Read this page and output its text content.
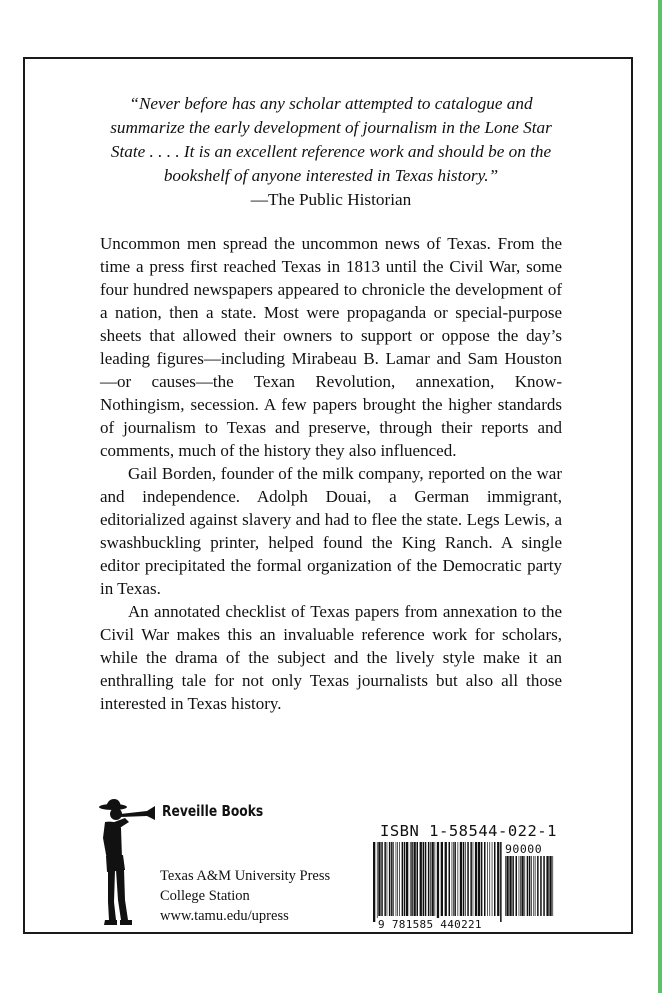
“Never before has any scholar attempted to catalogue and summarize the early development of journalism in the Lone Star State . . . . It is an excellent reference work and should be on the bookshelf of anyone interested in Texas history.”
—The Public Historian

Uncommon men spread the uncommon news of Texas. From the time a press first reached Texas in 1813 until the Civil War, some four hundred newspapers appeared to chronicle the development of a nation, then a state. Most were propaganda or special-purpose sheets that allowed their owners to support or oppose the day’s leading figures—including Mirabeau B. Lamar and Sam Houston—or causes—the Texan Revolution, annexation, Know-Nothingism, secession. A few papers brought the higher standards of journalism to Texas and preserve, through their reports and comments, much of the history they also influenced.

Gail Borden, founder of the milk company, reported on the war and independence. Adolph Douai, a German immigrant, editorialized against slavery and had to flee the state. Legs Lewis, a swashbuckling printer, helped found the King Ranch. A single editor precipitated the formal organization of the Democratic party in Texas.

An annotated checklist of Texas papers from annexation to the Civil War makes this an invaluable reference work for scholars, while the drama of the subject and the lively style make it an enthralling tale for not only Texas journalists but also all those interested in Texas history.

Reveille Books
Texas A&M University Press
College Station
www.tamu.edu/upress
ISBN 1-58544-022-1
90000
9 781585 440221
